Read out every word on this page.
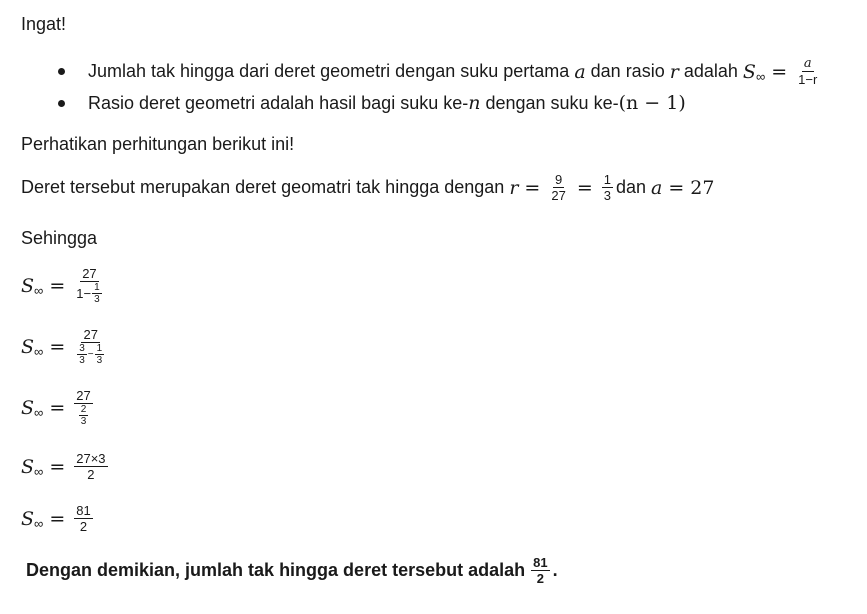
Ingat!
Jumlah tak hingga dari deret geometri dengan suku pertama
a
dan rasio
r
adalah
S ∞ = $\frac{a}{1-r}$
Rasio deret geometri adalah hasil bagi suku ke- n
dengan suku ke- (n − 1)
Perhatikan perhitungan berikut ini!
Deret tersebut merupakan deret geomatri tak hingga dengan
$r = \frac{9}{27} = \frac{1}{3}$ dan
a = 27
Sehingga
S ∞ = $\frac{27}{1- \frac{1}{3}}$
S ∞ = $\frac{27}{\frac{3}{3} - \frac{1}{3}}$
S ∞ = $\frac{27}{\frac{2}{3}}$
S ∞ = $\frac{27\times 3}{2}$
S ∞ = $\frac{81}{2}$
Dengan demikian, jumlah tak hingga deret tersebut adalah $\frac{81}{2}$ .
